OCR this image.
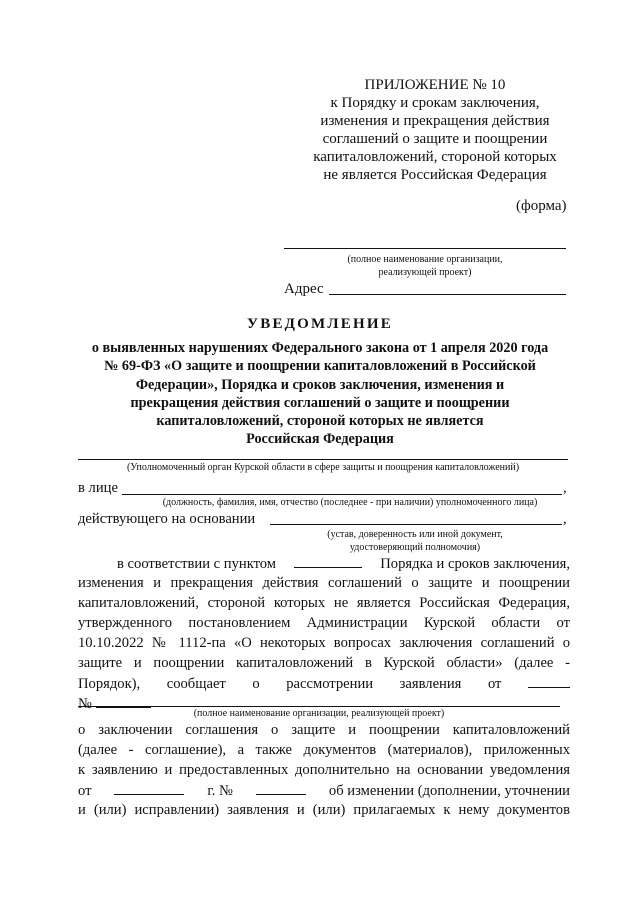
ПРИЛОЖЕНИЕ № 10
к Порядку и срокам заключения,
изменения и прекращения действия
соглашений о защите и поощрении
капиталовложений, стороной которых
не является Российская Федерация
(форма)
(полное наименование организации,
реализующей проект)
Адрес
УВЕДОМЛЕНИЕ
о выявленных нарушениях Федерального закона от 1 апреля 2020 года
№ 69-ФЗ «О защите и поощрении капиталовложений в Российской
Федерации», Порядка и сроков заключения, изменения и
прекращения действия соглашений о защите и поощрении
капиталовложений, стороной которых не является
Российская Федерация
(Уполномоченный орган Курской области в сфере защиты и поощрения капиталовложений)
в лице	,
(должность, фамилия, имя, отчество (последнее - при наличии) уполномоченного лица)
действующего на основании	,
(устав, доверенность или иной документ,
удостоверяющий полномочия)
в соответствии с пунктом	Порядка и сроков заключения,
изменения и прекращения действия соглашений о защите и поощрении
капиталовложений, стороной которых не является Российская Федерация,
утвержденного постановлением Администрации Курской области от
10.10.2022 № 1112-па «О некоторых вопросах заключения соглашений о
защите и поощрении капиталовложений в Курской области» (далее -
Порядок), сообщает о рассмотрении заявления от
№
(полное наименование организации, реализующей проект)
о заключении соглашения о защите и поощрении капиталовложений
(далее - соглашение), а также документов (материалов), приложенных
к заявлению и предоставленных дополнительно на основании уведомления
от	г. №	об изменении (дополнении, уточнении
и (или) исправлении) заявления и (или) прилагаемых к нему документов
